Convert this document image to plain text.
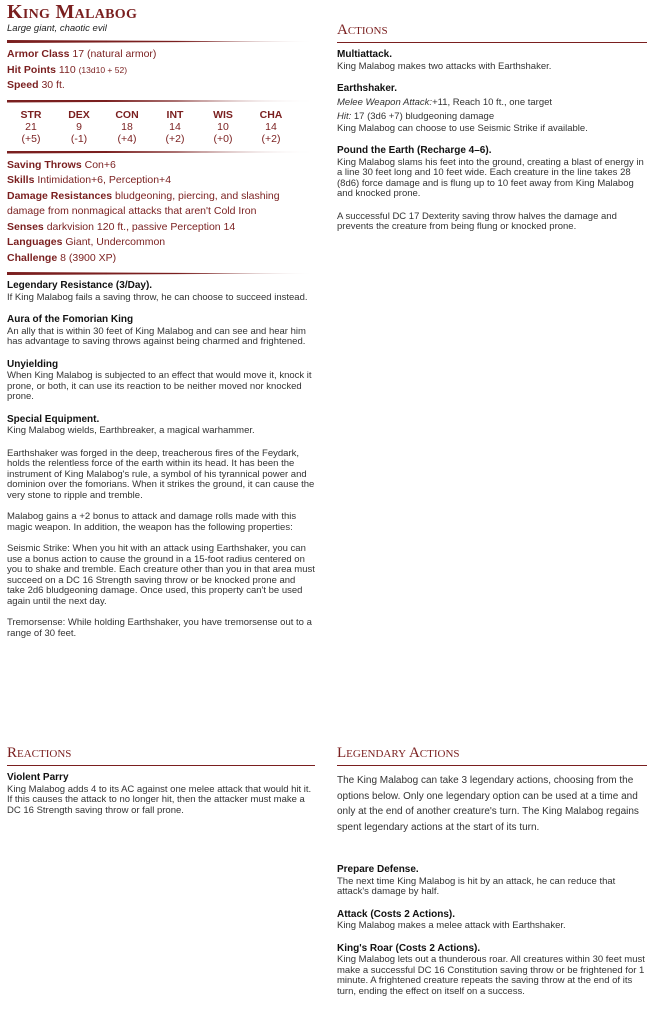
King Malabog
Large giant, chaotic evil
Armor Class 17 (natural armor)
Hit Points 110 (13d10 + 52)
Speed 30 ft.
STR
21
(+5)
DEX
9
(-1)
CON
18
(+4)
INT
14
(+2)
WIS
10
(+0)
CHA
14
(+2)
Saving Throws Con+6
Skills Intimidation+6, Perception+4
Damage Resistances bludgeoning, piercing, and slashing
damage from nonmagical attacks that aren't Cold Iron
Senses darkvision 120 ft., passive Perception 14
Languages Giant, Undercommon
Challenge 8 (3900 XP)
Legendary Resistance (3/Day).
If King Malabog fails a saving throw, he can choose to succeed instead.
Aura of the Fomorian King
An ally that is within 30 feet of King Malabog and can see and hear him has advantage to saving throws against being charmed and frightened.
Unyielding
When King Malabog is subjected to an effect that would move it, knock it prone, or both, it can use its reaction to be neither moved nor knocked prone.
Special Equipment.
King Malabog wields, Earthbreaker, a magical warhammer.
Earthshaker was forged in the deep, treacherous fires of the Feydark, holds the relentless force of the earth within its head. It has been the instrument of King Malabog's rule, a symbol of his tyrannical power and dominion over the fomorians. When it strikes the ground, it can cause the very stone to ripple and tremble.
Malabog gains a +2 bonus to attack and damage rolls made with this magic weapon. In addition, the weapon has the following properties:
Seismic Strike: When you hit with an attack using Earthshaker, you can use a bonus action to cause the ground in a 15-foot radius centered on you to shake and tremble. Each creature other than you in that area must succeed on a DC 16 Strength saving throw or be knocked prone and take 2d6 bludgeoning damage. Once used, this property can't be used again until the next day.
Tremorsense: While holding Earthshaker, you have tremorsense out to a range of 30 feet.
Actions
Multiattack.
King Malabog makes two attacks with Earthshaker.
Earthshaker.
Melee Weapon Attack:+11, Reach 10 ft., one target
Hit: 17 (3d6 +7) bludgeoning damage
King Malabog can choose to use Seismic Strike if available.
Pound the Earth (Recharge 4–6).
King Malabog slams his feet into the ground, creating a blast of energy in a line 30 feet long and 10 feet wide. Each creature in the line takes 28 (8d6) force damage and is flung up to 10 feet away from King Malabog and knocked prone.
A successful DC 17 Dexterity saving throw halves the damage and prevents the creature from being flung or knocked prone.
Reactions
Violent Parry
King Malabog adds 4 to its AC against one melee attack that would hit it. If this causes the attack to no longer hit, then the attacker must make a DC 16 Strength saving throw or fall prone.
Legendary Actions
The King Malabog can take 3 legendary actions, choosing from the options below. Only one legendary option can be used at a time and only at the end of another creature's turn. The King Malabog regains spent legendary actions at the start of its turn.
Prepare Defense.
The next time King Malabog is hit by an attack, he can reduce that attack's damage by half.
Attack (Costs 2 Actions).
King Malabog makes a melee attack with Earthshaker.
King's Roar (Costs 2 Actions).
King Malabog lets out a thunderous roar. All creatures within 30 feet must make a successful DC 16 Constitution saving throw or be frightened for 1 minute. A frightened creature repeats the saving throw at the end of its turn, ending the effect on itself on a success.
